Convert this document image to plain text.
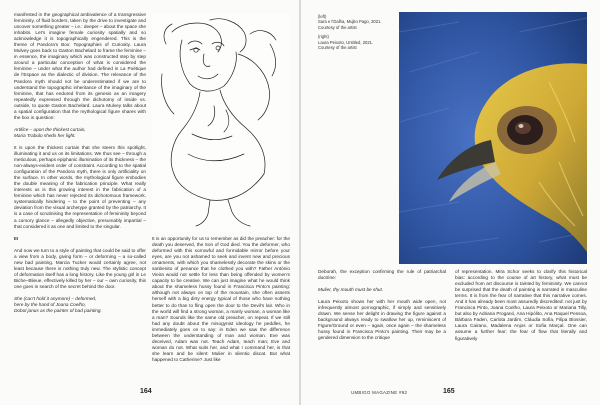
manifested in the geographical ambivalence of a transgressive femininity, of fluid borders, taken by the drive to investigate and uncover something greater – i.e.: deeper – about the space she inhabits. Let’s imagine female curiosity spatially and so acknowledge it is topographically engendered. This is the theme of Pandora’s Box: Topographies of Curiosity. Laura Mulvey goes back to Gaston Bachelard to frame the feminine – in essence, the imaginary which was constructed step by step around a particular conception of what is considered the feminine – under what the author had defined in La Poétique de l’Espace as the dialectic of division. The relevance of the Pandora myth should not be underestimated if we are to understand the topographic inheritance of the imaginary of the feminine, that has endured from its genesis as an imagery repeatedly expressed through the dichotomy of inside vs. outside, to quote Gaston Bachelard. Laura Mulvey talks about a spatial configuration that the mythological figure shares with the box in question:

Artifice – upon the thickest curtain,

Maria Trabulo sheds her light.

It is upon the thickest curtain that she steers this spotlight, illuminating it and us on its limitations. We thus see – through a meticulous, perhaps epiphanic illumination of its thickness – the non-always-evident order of constraint. According to the spatial configuration of the Pandora myth, there is only artificiality on the surface. In other words, the mythological figure embodies the double meaning of the fabrication principle. What really interests us is this growing interest in the fabrication of a feminine which has never rejected its dichotomous framework, systematically hindering – to the point of preventing – any deviation from the visual archetype granted by the patriarchy. It is a case of scrutinising the representation of femininity beyond a cursory glance – allegedly objective, presumably impartial – that considered it as one and limited to the singular.

III

And now we turn to a style of painting that could be said to offer a view from a body, giving form – or deforming – a so-called new bad painting. Marcia Tucker would certainly agree, not least because there is nothing truly new. The stylistic concept of deformation itself has a long history. Like the young girl in Le Biche–Blieue, effectively killed by her – our – own curiosity, this one goes in search of the secret behind the door.

She (can’t hold it anymore) – deformed,

here by the hand of Joana Coelho,

Dobol janus as the painter of bad painting.

It is an opportunity for us to remember as did the preacher: for the death you deserved, the Son of God died. You the deformer, who deformed with this sorrowful and formidable mirror before your eyes, are you not ashamed to seek and invent new and precious ornaments, with which you shamelessly decorate the skins or the sanbenito of penance that he clothed you with? Father António Vieira would not settle for less than being offended by women’s capacity to be creative. We can just imagine what he would think about the shameless hussy found in Francisca Pinto’s painting: although not always on top of the mountain, she often asserts herself with a big dirty energy typical of those who have nothing better to do than to fling open the door to the Devil’s lair. Who in the world will find a strong woman, a manly woman, a woman like a man? Sounds like the same old preacher, on repeat. If we still had any doubt about the misogynist ideology he peddles, he immediately goes on to say: in Eden we saw the difference between the understanding of man and woman. Eve was deceived, Adam was not. Teach Adam, teach man; Eve and woman do not. What suits her, and what I command her, is that she learn and be silent: Mulier in silentio discat. But what happened to Catherine? Just like

164
(left)
Sara e l’Dalha, Mujito Pago, 2021.
Courtesy of the artist
(right)
Laura Peixoto, Untitled, 2021.
Courtesy of the artist

Deborah, the exception confirming the rule of patriarchal doctrine:

Mulier, thy mouth must be shut.

Laura Peixoto shows her with her mouth wide open, not infrequently almost pornographic, if simply and sensitively drawn. We sense her delight in drawing the figure against a background always ready to swallow her up, reminiscent of Figure/Ground or even – again, once again – the shameless hussy found in Francisca Pinto’s painting. Their may be a gendered dimension to the critique

of representation. Mira Schor seeks to clarify this historical bias: according to the course of art history, what must be excluded from art discourse is tainted by femininity. We cannot be surprised that the death of painting is narrated in masculine terms. It is from the fear of narrative that this narrative comes. And it has already been most assuredly discredited: not just by Francisca Pinto, Joana Coelho, Laura Peixoto or Mariana Tilly, but also by Adriana Proganó, Ana Hipólito, Ana Raquel Pessoa, Bárbara Faden, Carlota Jardim, Cláudia Sofia, Filipa Blossier, Laura Cairano, Madalena Anjos or Sofia Marçal. One can assume a further fear: the fear of flow that literally and figuratively

UMBIGO MAGAZINE #92	165
